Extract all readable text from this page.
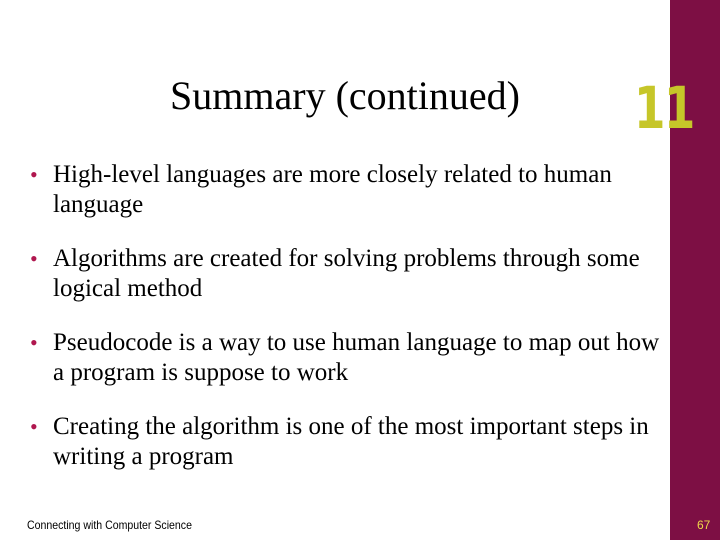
Summary (continued)	11
• High-level languages are more closely related to human language
• Algorithms are created for solving problems through some logical method
• Pseudocode is a way to use human language to map out how a program is suppose to work
• Creating the algorithm is one of the most important steps in writing a program
Connecting with Computer Science	67
